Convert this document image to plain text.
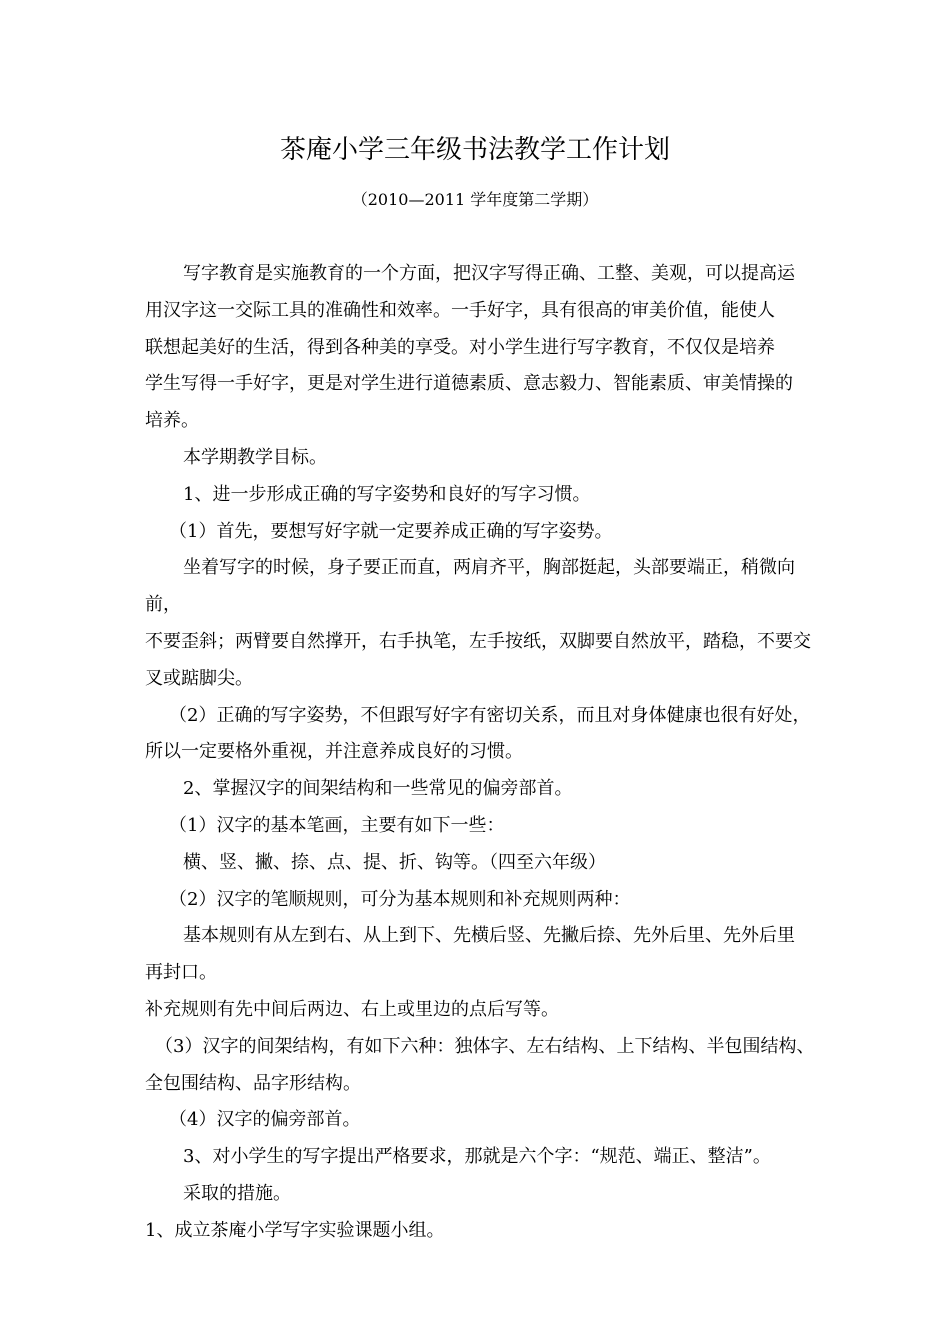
茶庵小学三年级书法教学工作计划
（2010—2011 学年度第二学期）
写字教育是实施教育的一个方面，把汉字写得正确、工整、美观，可以提高运
用汉字这一交际工具的准确性和效率。一手好字，具有很高的审美价值，能使人
联想起美好的生活，得到各种美的享受。对小学生进行写字教育，不仅仅是培养
学生写得一手好字，更是对学生进行道德素质、意志毅力、智能素质、审美情操的
培养。
本学期教学目标。
1、进一步形成正确的写字姿势和良好的写字习惯。
（1）首先，要想写好字就一定要养成正确的写字姿势。
坐着写字的时候，身子要正而直，两肩齐平，胸部挺起，头部要端正，稍微向
前，
不要歪斜；两臂要自然撑开，右手执笔，左手按纸，双脚要自然放平，踏稳，不要交
叉或踮脚尖。
（2）正确的写字姿势，不但跟写好字有密切关系，而且对身体健康也很有好处，
所以一定要格外重视，并注意养成良好的习惯。
2、掌握汉字的间架结构和一些常见的偏旁部首。
（1）汉字的基本笔画，主要有如下一些：
横、竖、撇、捺、点、提、折、钩等。（四至六年级）
（2）汉字的笔顺规则，可分为基本规则和补充规则两种：
基本规则有从左到右、从上到下、先横后竖、先撇后捺、先外后里、先外后里
再封口。
补充规则有先中间后两边、右上或里边的点后写等。
（3）汉字的间架结构，有如下六种：独体字、左右结构、上下结构、半包围结构、
全包围结构、品字形结构。
（4）汉字的偏旁部首。
3、对小学生的写字提出严格要求，那就是六个字：“规范、端正、整洁”。
采取的措施。
1、成立茶庵小学写字实验课题小组。
